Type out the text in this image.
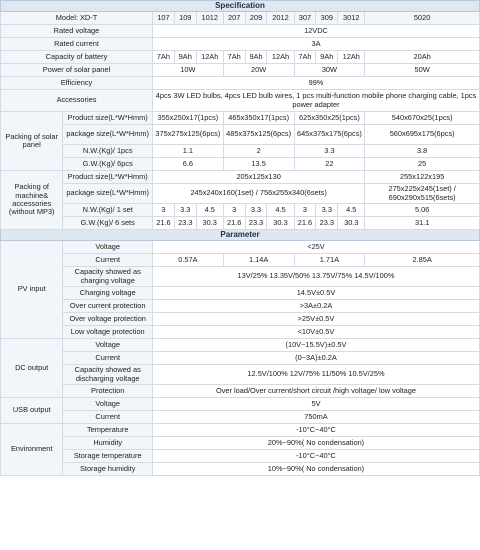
Specification											
Model: XD-T		107	109	1012	207	209	2012	307	309	3012	5020
Rated voltage		12VDC									
Rated current		3A									
Capacity of battery		7Ah	9Ah	12Ah	7Ah	9Ah	12Ah	7Ah	9Ah	12Ah	20Ah
Power of solar panel		10W			20W			30W			50W
Efficiency		99%									
Accessories		4pcs 3W LED bulbs, 4pcs LED bulb wires, 1 pcs multi-function mobile phone charging cable, 1pcs power adapter									
Packing of solar panel	Product size(L*W*Hmm)	355x250x17(1pcs)			465x350x17(1pcs)			625x350x25(1pcs)			540x670x25(1pcs)
	package size(L*W*Hmm)	375x275x125(6pcs)			485x375x125(6pcs)			645x375x175(6pcs)			560x695x175(6pcs)
	N.W.(Kg)/ 1pcs	1.1			2			3.3			3.8
	G.W.(Kg)/ 6pcs	6.6			13.5			22			25
Packing of machine& accessories (without MP3)	Product size(L*W*Hmm)	205x125x130									255x122x195
	package size(L*W*Hmm)	245x240x160(1set) / 756x255x340(6sets)									275x225x245(1set) / 690x290x515(6sets)
	N.W.(Kg)/ 1 set	3	3.3	4.5	3	3.3	4.5	3	3.3	4.5	5.06
	G.W.(Kg)/ 6 sets	21.6	23.3	30.3	21.6	23.3	30.3	21.6	23.3	30.3	31.1
Parameter											
PV input	Voltage	<25V									
	Current	0.57A			1.14A			1.71A			2.85A
	Capacity showed as charging voltage	13V/25% 13.35V/50% 13.75V/75% 14.5V/100%									
	Charging voltage	14.5V±0.5V									
	Over current protection	>3A±0.2A									
	Over voltage protection	>25V±0.5V									
	Low voltage protection	<10V±0.5V									
DC output	Voltage	(10V~15.5V)±0.5V									
	Current	(0~3A)±0.2A									
	Capacity showed as discharging voltage	12.5V/100% 12V/75% 11/50% 10.5V/25%									
	Protection	Over load/Over current/short circuit /high voltage/ low voltage									
USB output	Voltage	5V									
	Current	750mA									
Environment	Temperature	-10°C~40°C									
	Humidity	20%~90%( No condensation)									
	Storage temperature	-10°C~40°C									
	Storage humidity	10%~90%( No condensation)									
